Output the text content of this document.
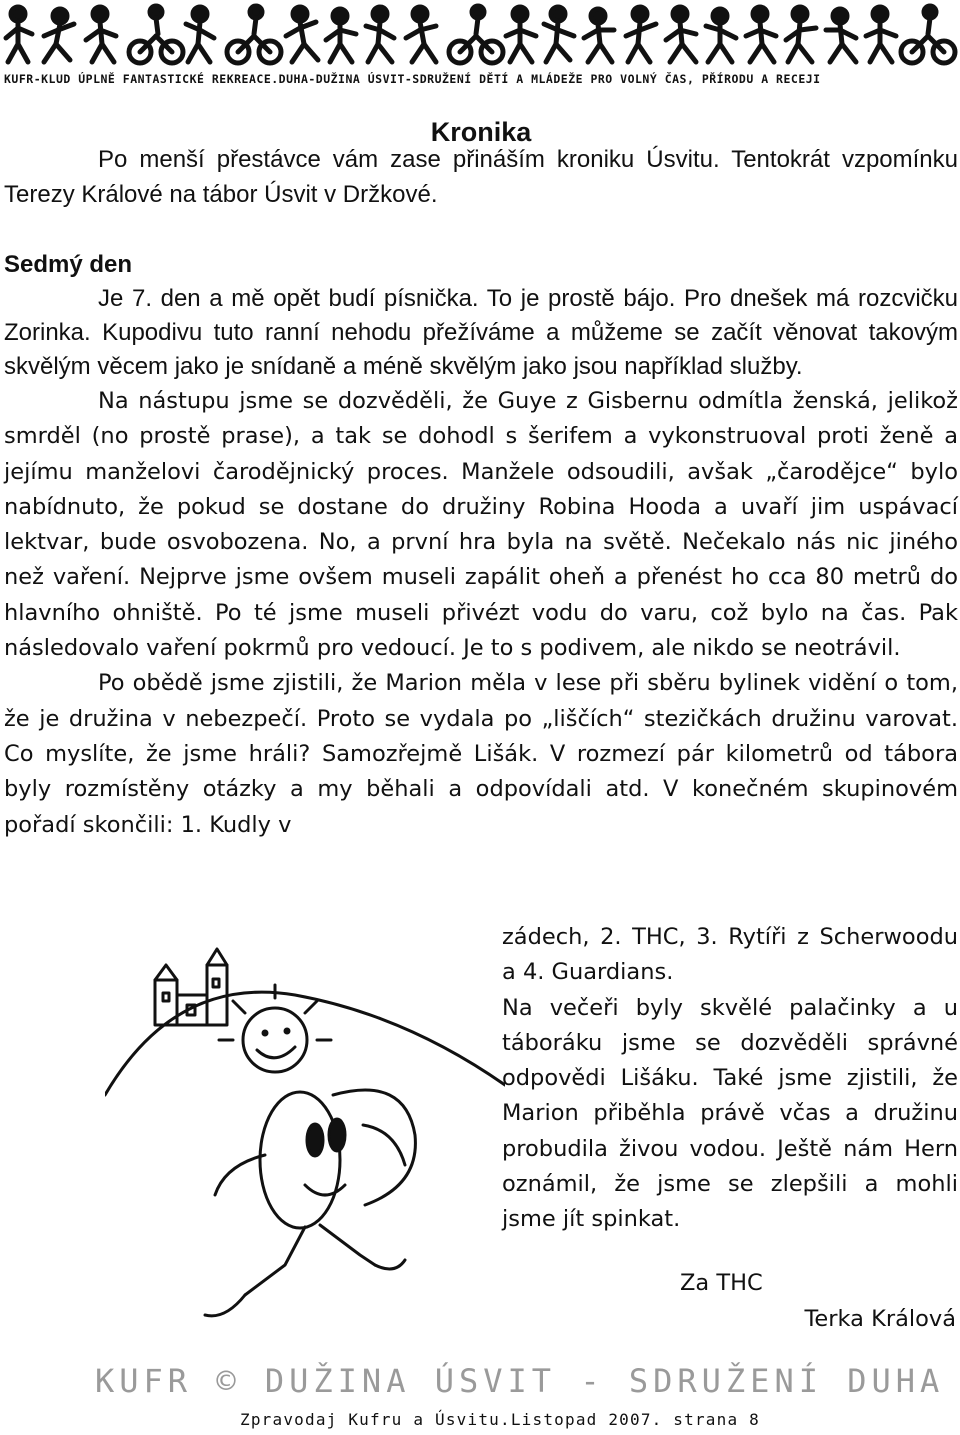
KUFR-KLUD ÚPLNĚ FANTASTICKÉ REKREACE.DUHA-DUŽINA ÚSVIT-SDRUŽENÍ DĚTÍ A MLÁDEŽE PRO VOLNÝ ČAS, PŘÍRODU A RECEJI
Kronika

Po menší přestávce vám zase přináším kroniku Úsvitu. Tentokrát vzpomínku Terezy Králové na tábor Úsvit v Držkové.

Sedmý den

Je 7. den a mě opět budí písnička. To je prostě bájo. Pro dnešek má rozcvičku Zorinka. Kupodivu tuto ranní nehodu přežíváme a můžeme se začít věnovat takovým skvělým věcem jako je snídaně a méně skvělým jako jsou například služby.

Na nástupu jsme se dozvěděli, že Guye z Gisbernu odmítla ženská, jelikož smrděl (no prostě prase), a tak se dohodl s šerifem a vykonstruoval proti ženě a jejímu manželovi čarodějnický proces. Manžele odsoudili, avšak „čarodějce“ bylo nabídnuto, že pokud se dostane do družiny Robina Hooda a uvaří jim uspávací lektvar, bude osvobozena. No, a první hra byla na světě. Nečekalo nás nic jiného než vaření. Nejprve jsme ovšem museli zapálit oheň a přenést ho cca 80 metrů do hlavního ohniště. Po té jsme museli přivézt vodu do varu, což bylo na čas. Pak následovalo vaření pokrmů pro vedoucí. Je to s podivem, ale nikdo se neotrávil.

Po obědě jsme zjistili, že Marion měla v lese při sběru bylinek vidění o tom, že je družina v nebezpečí. Proto se vydala po „liščích“ stezičkách družinu varovat. Co myslíte, že jsme hráli? Samozřejmě Lišák. V rozmezí pár kilometrů od tábora byly rozmístěny otázky a my běhali a odpovídali atd. V konečném skupinovém pořadí skončili: 1. Kudly v

zádech, 2. THC, 3. Rytíři z Scherwoodu a 4. Guardians.

Na večeři byly skvělé palačinky a u táboráku jsme se dozvěděli správné odpovědi Lišáku. Také jsme zjistili, že Marion přiběhla právě včas a družinu probudila živou vodou. Ještě nám Hern oznámil, že jsme se zlepšili a mohli jsme jít spinkat.

Za THC
Terka Králová
KUFR © DUŽINA ÚSVIT - SDRUŽENÍ DUHA
Zpravodaj Kufru a Úsvitu.Listopad 2007. strana 8
